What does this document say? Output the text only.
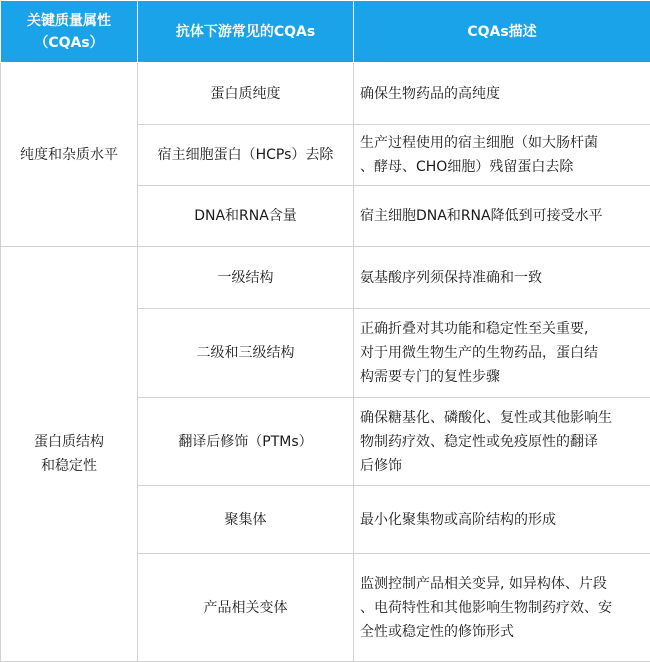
关键质量属性
（CQAs）	抗体下游常见的CQAs	CQAs描述
纯度和杂质水平	蛋白质纯度	确保生物药品的高纯度

	宿主细胞蛋白（HCPs）去除	生产过程使用的宿主细胞（如大肠杆菌
、酵母、CHO细胞）残留蛋白去除

	DNA和RNA含量	宿主细胞DNA和RNA降低到可接受水平

蛋白质结构
和稳定性	一级结构	氨基酸序列须保持准确和一致

	二级和三级结构	正确折叠对其功能和稳定性至关重要,
对于用微生物生产的生物药品，蛋白结
构需要专门的复性步骤

	翻译后修饰（PTMs）	确保糖基化、磷酸化、复性或其他影响生
物制药疗效、稳定性或免疫原性的翻译
后修饰

	聚集体	最小化聚集物或高阶结构的形成

	产品相关变体	监测控制产品相关变异, 如异构体、片段
、电荷特性和其他影响生物制药疗效、安
全性或稳定性的修饰形式
